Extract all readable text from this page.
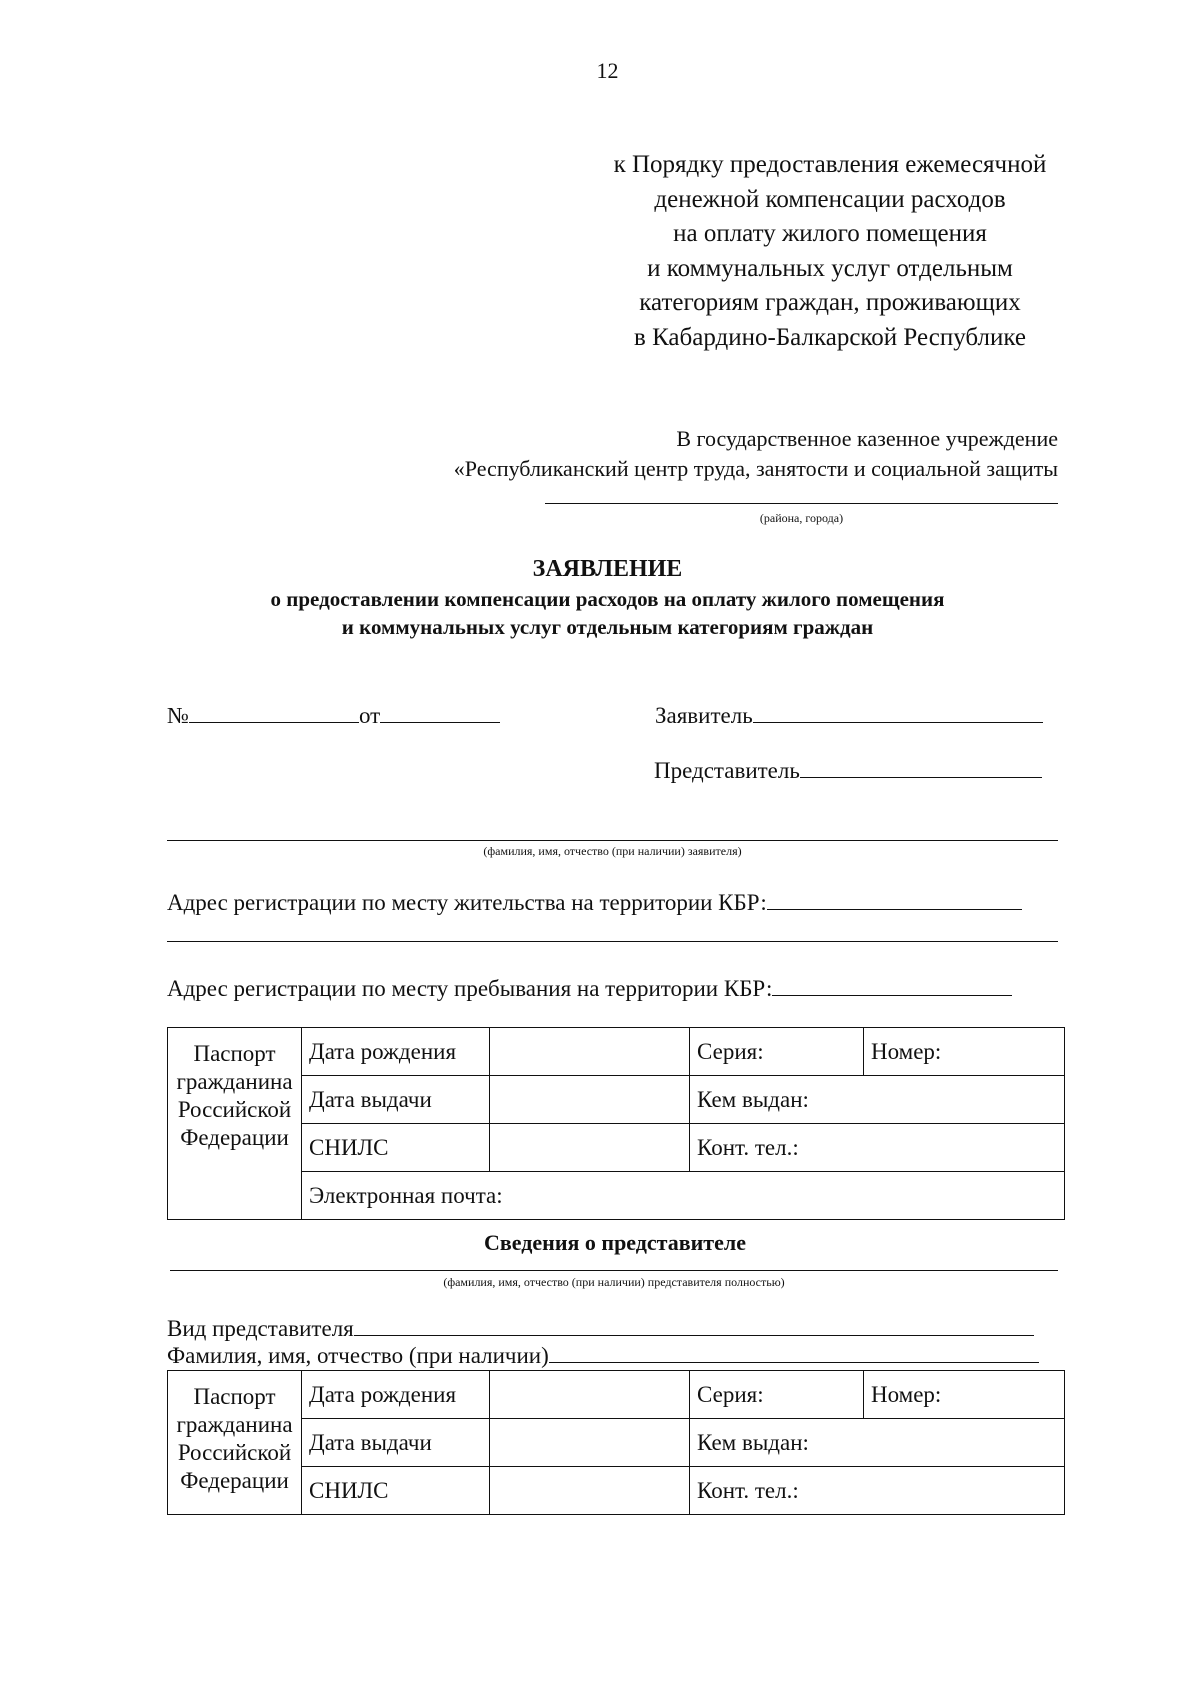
12
к Порядку предоставления ежемесячной
денежной компенсации расходов
на оплату жилого помещения
и коммунальных услуг отдельным
категориям граждан, проживающих
в Кабардино-Балкарской Республике
В государственное казенное учреждение
«Республиканский центр труда, занятости и социальной защиты
(района, города)
ЗАЯВЛЕНИЕ
о предоставлении компенсации расходов на оплату жилого помещения
и коммунальных услуг отдельным категориям граждан
№	от	Заявитель
Представитель
(фамилия, имя, отчество (при наличии) заявителя)
Адрес регистрации по месту жительства на территории КБР:
Адрес регистрации по месту пребывания на территории КБР:
Паспорт
гражданина
Российской
Федерации	Дата рождения		Серия:	Номер:
	Дата выдачи		Кем выдан:	
	СНИЛС		Конт. тел.:	
	Электронная почта:			
Сведения о представителе
(фамилия, имя, отчество (при наличии) представителя полностью)
Вид представителя
Фамилия, имя, отчество (при наличии)
Паспорт
гражданина
Российской
Федерации	Дата рождения		Серия:	Номер:
	Дата выдачи		Кем выдан:	
	СНИЛС		Конт. тел.:	
